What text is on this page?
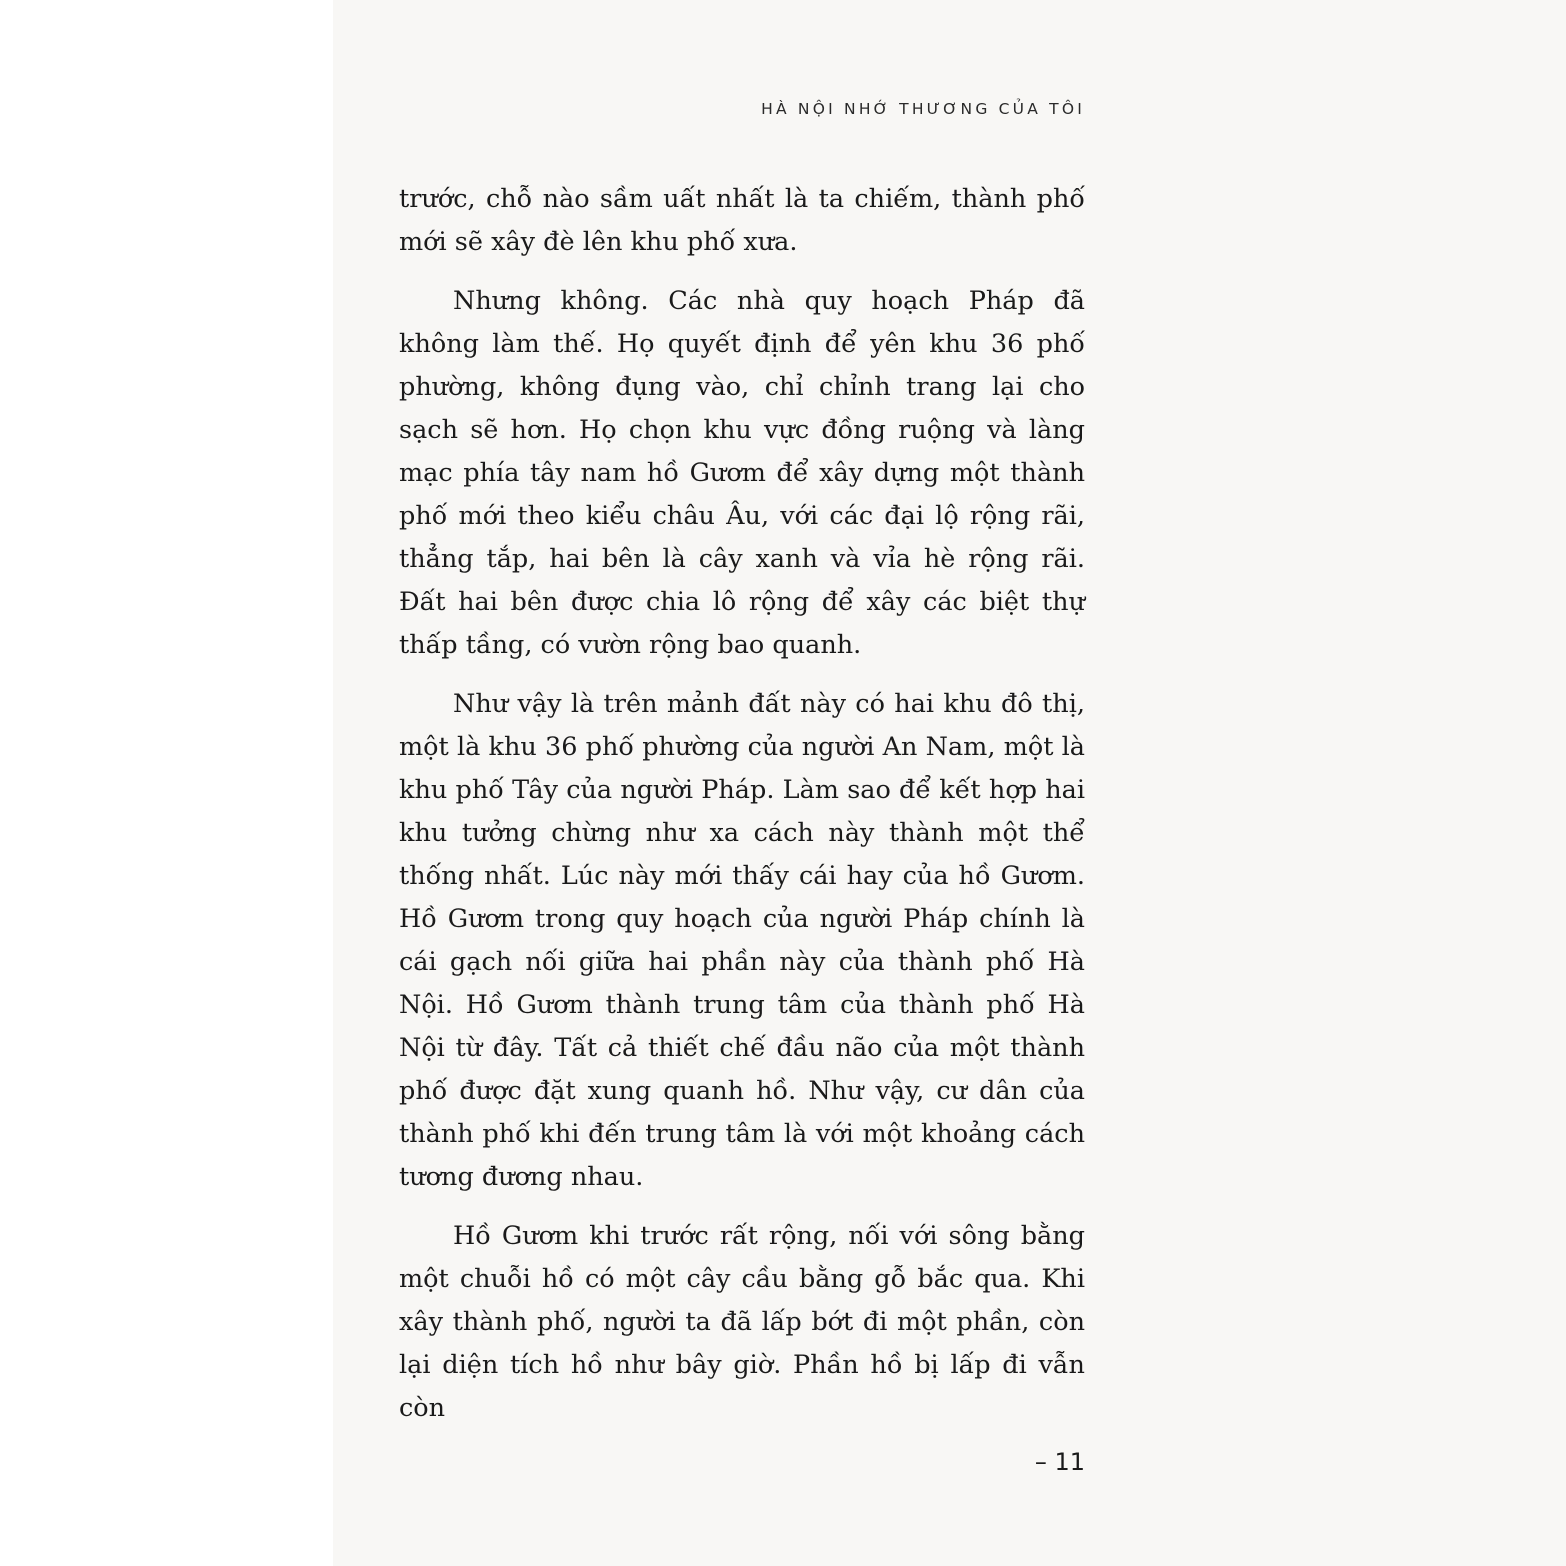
HÀ NỘI NHỚ THƯƠNG CỦA TÔI

trước, chỗ nào sầm uất nhất là ta chiếm, thành phố mới sẽ xây đè lên khu phố xưa.

Nhưng không. Các nhà quy hoạch Pháp đã không làm thế. Họ quyết định để yên khu 36 phố phường, không đụng vào, chỉ chỉnh trang lại cho sạch sẽ hơn. Họ chọn khu vực đồng ruộng và làng mạc phía tây nam hồ Gươm để xây dựng một thành phố mới theo kiểu châu Âu, với các đại lộ rộng rãi, thẳng tắp, hai bên là cây xanh và vỉa hè rộng rãi. Đất hai bên được chia lô rộng để xây các biệt thự thấp tầng, có vườn rộng bao quanh.

Như vậy là trên mảnh đất này có hai khu đô thị, một là khu 36 phố phường của người An Nam, một là khu phố Tây của người Pháp. Làm sao để kết hợp hai khu tưởng chừng như xa cách này thành một thể thống nhất. Lúc này mới thấy cái hay của hồ Gươm. Hồ Gươm trong quy hoạch của người Pháp chính là cái gạch nối giữa hai phần này của thành phố Hà Nội. Hồ Gươm thành trung tâm của thành phố Hà Nội từ đây. Tất cả thiết chế đầu não của một thành phố được đặt xung quanh hồ. Như vậy, cư dân của thành phố khi đến trung tâm là với một khoảng cách tương đương nhau.

Hồ Gươm khi trước rất rộng, nối với sông bằng một chuỗi hồ có một cây cầu bằng gỗ bắc qua. Khi xây thành phố, người ta đã lấp bớt đi một phần, còn lại diện tích hồ như bây giờ. Phần hồ bị lấp đi vẫn còn

– 11
